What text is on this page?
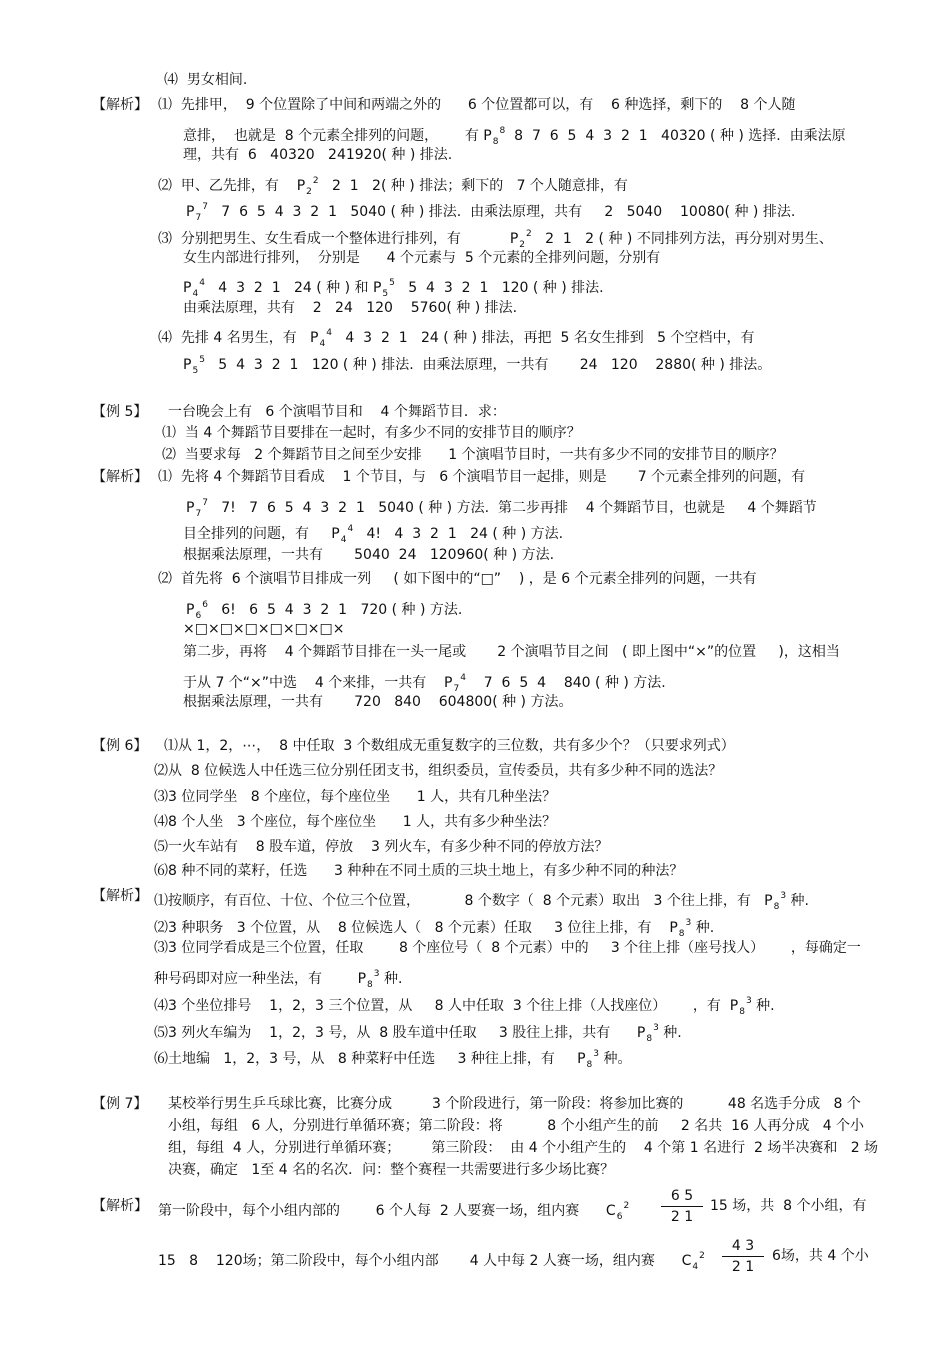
⑷  男女相间.
【解析】 ⑴  先排甲，  9 个位置除了中间和两端之外的      6 个位置都可以，有    6 种选择，剩下的    8 个人随
意排，  也就是  8 个元素全排列的问题，      有 $P_8^8$  8  7  6  5  4  3  2  1   40320 ( 种 ) 选择.  由乘法原
理，共有  6   40320   241920( 种 ) 排法.
⑵  甲、乙先排，有    $P_2^2$   2  1   2( 种 ) 排法；剩下的   7 个人随意排，有
$P_7^7$   7  6  5  4  3  2  1   5040 ( 种 ) 排法.  由乘法原理，共有     2   5040    10080( 种 ) 排法.
⑶  分别把男生、女生看成一个整体进行排列，有           $P_2^2$   2  1   2 ( 种 ) 不同排列方法，再分别对男生、
女生内部进行排列，  分别是      4 个元素与  5 个元素的全排列问题，分别有
$P_4^4$   4  3  2  1   24 ( 种 ) 和 $P_5^5$   5  4  3  2  1   120 ( 种 ) 排法.
由乘法原理，共有    2   24   120    5760( 种 ) 排法.
⑷  先排 4 名男生，有   $P_4^4$   4  3  2  1   24 ( 种 ) 排法，再把  5 名女生排到   5 个空档中，有
$P_5^5$   5  4  3  2  1   120 ( 种 ) 排法.  由乘法原理，一共有       24   120    2880( 种 ) 排法。
【例 5】 一台晚会上有   6 个演唱节目和    4 个舞蹈节目．求：
⑴  当 4 个舞蹈节目要排在一起时，有多少不同的安排节目的顺序？
⑵  当要求每   2 个舞蹈节目之间至少安排      1 个演唱节目时，一共有多少不同的安排节目的顺序？
【解析】 ⑴  先将 4 个舞蹈节目看成    1 个节目，与   6 个演唱节目一起排，则是       7 个元素全排列的问题，有
$P_7^7$   7!   7  6  5  4  3  2  1   5040 ( 种 ) 方法.  第二步再排    4 个舞蹈节目，也就是     4 个舞蹈节
目全排列的问题，有     $P_4^4$   4!   4  3  2  1   24 ( 种 ) 方法.
根据乘法原理，一共有       5040  24   120960( 种 ) 方法.
⑵  首先将  6 个演唱节目排成一列     ( 如下图中的“□”    ) ，是 6 个元素全排列的问题，一共有
$P_6^6$   6!   6  5  4  3  2  1   720 ( 种 ) 方法.
×□×□×□×□×□×□×
第二步，再将    4 个舞蹈节目排在一头一尾或       2 个演唱节目之间   ( 即上图中“×”的位置     )，这相当
于从 7 个“×”中选    4 个来排，一共有    $P_7^4$    7  6  5  4    840 ( 种 ) 方法.
根据乘法原理，一共有       720   840    604800( 种 ) 方法。
【例 6】 ⑴从 1，2，⋯，  8 中任取  3 个数组成无重复数字的三位数，共有多少个？（只要求列式）
⑵从  8 位候选人中任选三位分别任团支书，组织委员，宣传委员，共有多少种不同的选法？
⑶3 位同学坐   8 个座位，每个座位坐      1 人，共有几种坐法？
⑷8 个人坐   3 个座位，每个座位坐      1 人，共有多少种坐法？
⑸一火车站有    8 股车道，停放    3 列火车，有多少种不同的停放方法？
⑹8 种不同的菜籽，任选      3 种种在不同土质的三块土地上，有多少种不同的种法？
【解析】 ⑴按顺序，有百位、十位、个位三个位置，          8 个数字（  8 个元素）取出   3 个往上排，有   $P_8^3$ 种.
⑵3 种职务   3 个位置，从    8 位候选人（   8 个元素）任取     3 位往上排，有    $P_8^3$ 种.
⑶3 位同学看成是三个位置，任取        8 个座位号（  8 个元素）中的     3 个往上排（座号找人）      ，每确定一
种号码即对应一种坐法，有        $P_8^3$ 种.
⑷3 个坐位排号    1，2，3 三个位置，从     8 人中任取  3 个往上排（人找座位）      ，有  $P_8^3$ 种.
⑸3 列火车编为    1，2，3 号，从  8 股车道中任取     3 股往上排，共有      $P_8^3$ 种.
⑹土地编   1，2，3 号，从   8 种菜籽中任选     3 种往上排，有     $P_8^3$ 种。
【例 7】 某校举行男生乒乓球比赛，比赛分成         3 个阶段进行，第一阶段：将参加比赛的          48 名选手分成   8 个
小组，每组   6 人，分别进行单循环赛；第二阶段：将          8 个小组产生的前     2 名共  16 人再分成   4 个小
组，每组  4 人，分别进行单循环赛；       第三阶段：  由 4 个小组产生的    4 个第 1 名进行  2 场半决赛和   2 场
决赛，确定   1至 4 名的名次．问：整个赛程一共需要进行多少场比赛？
【解析】 第一阶段中，每个小组内部的        6 个人每  2 人要赛一场，组内赛      $C_6^2$
6 5
2 1
15 场，共  8 个小组，有
15   8    120场；第二阶段中，每个小组内部       4 人中每 2 人赛一场，组内赛      $C_4^2$
4 3
2 1
6场，共 4 个小
